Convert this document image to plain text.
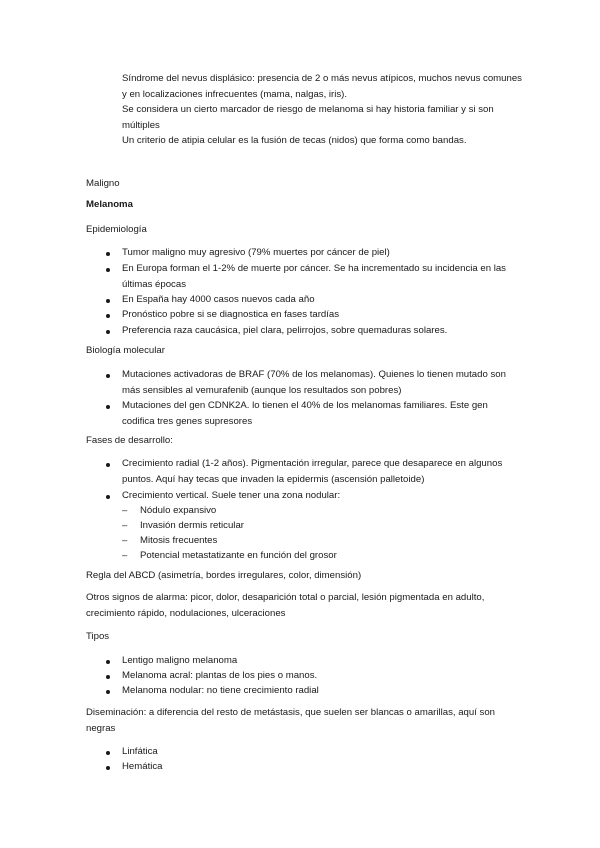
Síndrome del nevus displásico: presencia de 2 o más nevus atípicos, muchos nevus comunes y en localizaciones infrecuentes (mama, nalgas, iris).
Se considera un cierto marcador de riesgo de melanoma si hay historia familiar y si son múltiples
Un criterio de atipia celular es la fusión de tecas (nidos) que forma como bandas.
Maligno
Melanoma
Epidemiología
Tumor maligno muy agresivo (79% muertes por cáncer de piel)
En Europa forman el 1-2% de muerte por cáncer. Se ha incrementado su incidencia en las últimas épocas
En España hay 4000 casos nuevos cada año
Pronóstico pobre si se diagnostica en fases tardías
Preferencia raza caucásica, piel clara, pelirrojos, sobre quemaduras solares.
Biología molecular
Mutaciones activadoras de BRAF (70% de los melanomas). Quienes lo tienen mutado son más sensibles al vemurafenib (aunque los resultados son pobres)
Mutaciones del gen CDNK2A. lo tienen el 40% de los melanomas familiares. Este gen codifica tres genes supresores
Fases de desarrollo:
Crecimiento radial (1-2 años). Pigmentación irregular, parece que desaparece en algunos puntos. Aquí hay tecas que invaden la epidermis (ascensión palletoide)
Crecimiento vertical. Suele tener una zona nodular:
– Nódulo expansivo
– Invasión dermis reticular
– Mitosis frecuentes
– Potencial metastatizante en función del grosor
Regla del ABCD (asimetría, bordes irregulares, color, dimensión)
Otros signos de alarma: picor, dolor, desaparición total o parcial, lesión pigmentada en adulto, crecimiento rápido, nodulaciones, ulceraciones
Tipos
Lentigo maligno melanoma
Melanoma acral: plantas de los pies o manos.
Melanoma nodular: no tiene crecimiento radial
Diseminación: a diferencia del resto de metástasis, que suelen ser blancas o amarillas, aquí son negras
Linfática
Hemática
